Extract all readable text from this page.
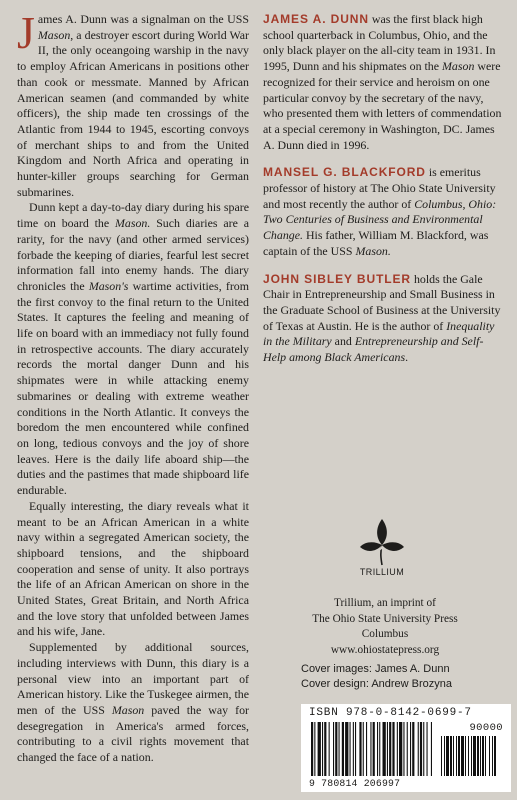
James A. Dunn was a signalman on the USS Mason, a destroyer escort during World War II, the only oceangoing warship in the navy to employ African Americans in positions other than cook or messmate. Manned by African American seamen (and commanded by white officers), the ship made ten crossings of the Atlantic from 1944 to 1945, escorting convoys of merchant ships to and from the United Kingdom and North Africa and operating in hunter-killer groups searching for German submarines.

Dunn kept a day-to-day diary during his spare time on board the Mason. Such diaries are a rarity, for the navy (and other armed services) forbade the keeping of diaries, fearful lest secret information fall into enemy hands. The diary chronicles the Mason's wartime activities, from the first convoy to the final return to the United States. It captures the feeling and meaning of life on board with an immediacy not fully found in retrospective accounts. The diary accurately records the mortal danger Dunn and his shipmates were in while attacking enemy submarines or dealing with extreme weather conditions in the North Atlantic. It conveys the boredom the men encountered while confined on long, tedious convoys and the joy of shore leaves. Here is the daily life aboard ship—the duties and the pastimes that made shipboard life endurable.

Equally interesting, the diary reveals what it meant to be an African American in a white navy within a segregated American society, the shipboard tensions, and the shipboard cooperation and sense of unity. It also portrays the life of an African American on shore in the United States, Great Britain, and North Africa and the love story that unfolded between James and his wife, Jane.

Supplemented by additional sources, including interviews with Dunn, this diary is a personal view into an important part of American history. Like the Tuskegee airmen, the men of the USS Mason paved the way for desegregation in America's armed forces, contributing to a civil rights movement that changed the face of a nation.

JAMES A. DUNN was the first black high school quarterback in Columbus, Ohio, and the only black player on the all-city team in 1931. In 1995, Dunn and his shipmates on the Mason were recognized for their service and heroism on one particular convoy by the secretary of the navy, who presented them with letters of commendation at a special ceremony in Washington, DC. James A. Dunn died in 1996.

MANSEL G. BLACKFORD is emeritus professor of history at The Ohio State University and most recently the author of Columbus, Ohio: Two Centuries of Business and Environmental Change. His father, William M. Blackford, was captain of the USS Mason.

JOHN SIBLEY BUTLER holds the Gale Chair in Entrepreneurship and Small Business in the Graduate School of Business at the University of Texas at Austin. He is the author of Inequality in the Military and Entrepreneurship and Self-Help among Black Americans.

TRILLIUM
Trillium, an imprint of
The Ohio State University Press
Columbus
www.ohiostatepress.org
Cover images: James A. Dunn
Cover design: Andrew Brozyna
ISBN 978-0-8142-0699-7
90000
9 780814 206997
